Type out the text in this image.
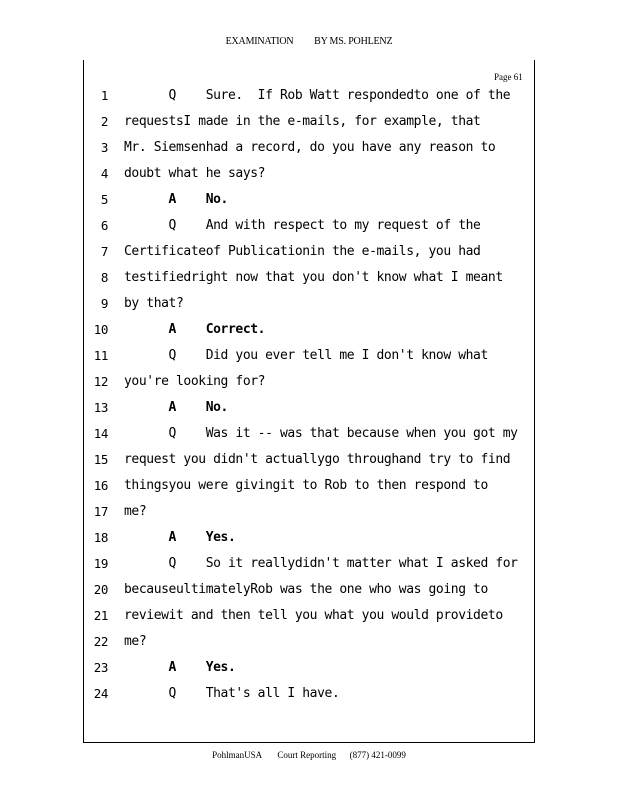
EXAMINATION BY MS. POHLENZ
Page 61
1 Q    Sure.  If Rob Watt respondedto one of the
2 requestsI made in the e-mails, for example, that
3 Mr. Siemsenhad a record, do you have any reason to
4 doubt what he says?
5 A    No.
6 Q    And with respect to my request of the
7 Certificateof Publicationin the e-mails, you had
8 testifiedright now that you don't know what I meant
9 by that?
10 A    Correct.
11 Q    Did you ever tell me I don't know what
12 you're looking for?
13 A    No.
14 Q    Was it -- was that because when you got my
15 request you didn't actuallygo throughand try to find
16 thingsyou were givingit to Rob to then respond to
17 me?
18 A    Yes.
19 Q    So it reallydidn't matter what I asked for
20 becauseultimatelyRob was the one who was going to
21 reviewit and then tell you what you would provideto
22 me?
23 A    Yes.
24 Q    That's all I have.
PohlmanUSA Court Reporting (877) 421-0099
